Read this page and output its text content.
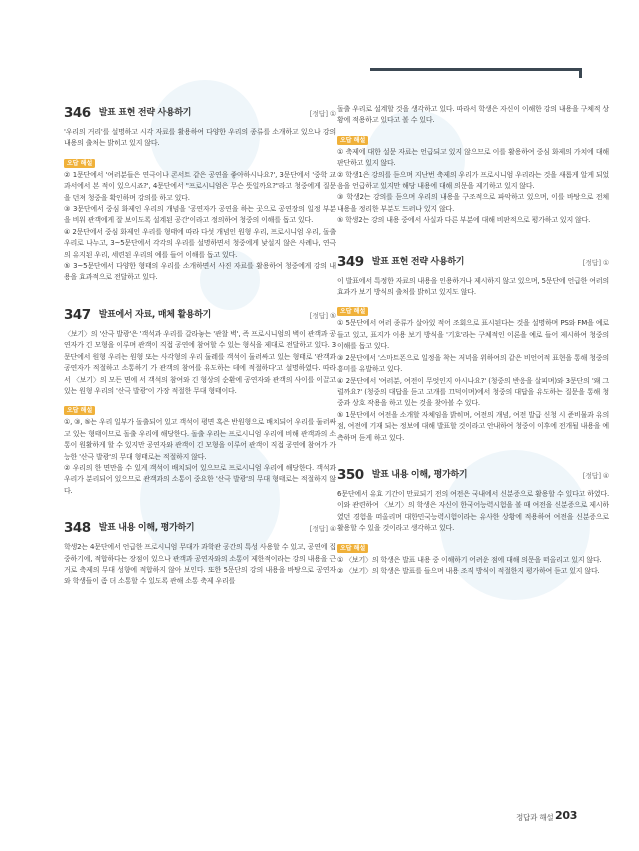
346 발표 표현 전략 사용하기	[정답] ①

'우리의 거리'를 설명하고 시각 자료를 활용하여 다양한 우리의 종류를 소개하고 있으나 강의 내용의 출처는 밝히고 있지 않다.

오답 해설

② 1문단에서 '여러분들은 연극이나 콘서트 같은 공연을 좋아하시나요?', 3문단에서 '중학 교과서에서 본 적이 있으시죠?', 4문단에서 "프로시니엄은 무슨 뜻일까요?"라고 청중에게 질문을 던져 청중을 확인하며 강의를 하고 있다.

③ 3문단에서 중심 화제인 우리의 개념을 '공연자가 공연을 하는 곳으로 공연장의 일정 부분을 비워 관객에게 잘 보이도록 설계된 공간'이라고 정의하여 청중의 이해를 돕고 있다.

④ 2문단에서 중심 화제인 우리를 형태에 따라 다섯 개념인 원형 우리, 프로시니엄 우리, 돌출 우리로 나누고, 3~5문단에서 각각의 우리를 설명하면서 청중에게 낯설지 않은 사례나, 연극의 유지된 우리, 세련된 우리의 예를 들어 이해를 돕고 있다.

⑤ 3~5문단에서 다양한 형태의 우리를 소개하면서 사진 자료를 활용하여 청중에게 강의 내용을 효과적으로 전달하고 있다.

347 발표에서 자료, 매체 활용하기	[정답] ⑤

〈보기〉의 '산극 발광'은 '객석과 우리를 갈라놓는 '관찰 벽', 즉 프로시니엄의 벽이 관객과 공연자가 긴 모형을 이루며 관객이 직접 공연에 참여할 수 있는 형식을 제대로 전달하고 있다. 3문단에서 원형 우리는 원형 또는 사각형의 우리 둘레를 객석이 둘러싸고 있는 형태로 '관객과 공연자가 적절하고 소통하기 가 관객의 참여를 유도하는 데에 적절하다'고 설명하였다. 따라서 〈보기〉의 모든 면에 서 객석의 참여와 긴 형상의 순환에 공연자와 관객의 사이를 이끌고 있는 원형 우리의 '산극 발광'이 가장 적절한 무대 형태이다.

오답 해설

①, ③, ⑤는 우리 일부가 돌출되어 있고 객석이 평면 혹은 반원형으로 배치되어 우리를 둘러싸고 있는 형태이므로 돌출 우리에 해당한다. 돌출 우리는 프로시니엄 우리에 비해 관객과의 소통이 원활하게 할 수 있지만 공연자와 관객이 긴 모형을 이루어 관객이 직접 공연에 참여가 가능한 '산극 발광'의 무대 형태로는 적절하지 않다.

② 우리의 한 면만을 수 있게 객석이 배치되어 있으므로 프로시니엄 우리에 해당한다. 객석과 우리가 분리되어 있으므로 관객과의 소통이 중요한 '산극 발광'의 무대 형태로는 적절하지 않다.

348 발표 내용 이해, 평가하기	[정답] ④

학생2는 4문단에서 언급한 프로시니엄 무대가 과학관 공간의 특성 사용할 수 있고, 공연에 집중하기에, 적합하다는 장점이 있으나 관객과 공연자와의 소통이 제한적이라는 강의 내용을 근거로 축제의 무대 성향에 적합하지 않아 보인다. 또한 5문단의 강의 내용을 바탕으로 공연자와 학생들이 좀 더 소통할 수 있도록 관해 소통 축제 우리를

돌출 우리로 설계할 것을 생각하고 있다. 따라서 학생은 자신이 이해한 강의 내용을 구체적 상황에 적용하고 있다고 볼 수 있다.

오답 해설

① 축제에 대한 설문 자료는 언급되고 있지 않으므로 이를 활용하여 중심 화제의 가치에 대해 판단하고 있지 않다.

② 학생1은 강의를 듣으며 지난번 축제의 우리가 프로시니엄 우리라는 것을 새롭게 알게 되었음을 언급하고 있지만 해당 내용에 대해 의문을 제기하고 있지 않다.

③ 학생2는 강의를 듣으며 우리의 내용을 구조적으로 파악하고 있으며, 이를 바탕으로 전체 내용을 정리한 부분도 드러나 있지 않다.

⑤ 학생2는 강의 내용 중에서 사실과 다른 부분에 대해 비판적으로 평가하고 있지 않다.

349 발표 표현 전략 사용하기	[정답] ①

이 발표에서 특정한 자료의 내용을 인용하거나 제시하지 않고 있으며, 5문단에 언급한 여러의 효과가 보기 방식의 출처를 밝히고 있지도 않다.

오답 해설

① 5문단에서 여러 종류가 살아있 적어 조회으로 표시된다는 것을 설명하며 PS와 FM을 예로 들고 있고, 표지가 이용 보기 방식을 '기호'라는 구체적인 이론을 예로 들어 제시하여 청중의 이해를 돕고 있다.

③ 2문단에서 '스마트폰으로 일정을 착는 저녁을 위하여의 같은 비언어적 표현을 통해 청중의 흥미를 유발하고 있다.

④ 2문단에서 '여러분, 여전이 무엇인지 아시나요?' (청중의 반응을 살피며)와 3문단의 '왜 그럴까요?' (청중의 대답을 듣고 고개를 끄덕이며)에서 청중의 대답을 유도하는 질문을 통해 청중과 상호 작용을 하고 있는 것을 찾아볼 수 있다.

⑤ 1문단에서 여전을 소개할 자체임을 밝히며, 여전의 개념, 여전 발급 신청 시 준비물과 유의점, 여전에 기재 되는 정보에 대해 발표할 것이라고 안내하여 청중이 이후에 전개될 내용을 예측하며 듣게 하고 있다.

350 발표 내용 이해, 평가하기	[정답] ④

6문단에서 유효 기간이 만료되기 전의 여전은 국내에서 신분증으로 활용할 수 있다고 하였다. 이와 관련하여 〈보기〉의 학생은 자신이 한국어능력시험을 볼 때 여전을 신분증으로 제시하였던 경험을 떠올리며 대한민국능력시험이라는 유사한 상황에 적용하여 여전을 신분증으로 활용할 수 있을 것이라고 생각하고 있다.

오답 해설

① 〈보기〉의 학생은 발표 내용 중 이해하기 어려운 점에 대해 의문을 떠올리고 있지 않다.

② 〈보기〉의 학생은 발표를 들으며 내용 조직 방식이 적절한지 평가하여 듣고 있지 않다.

정답과 해설 203
